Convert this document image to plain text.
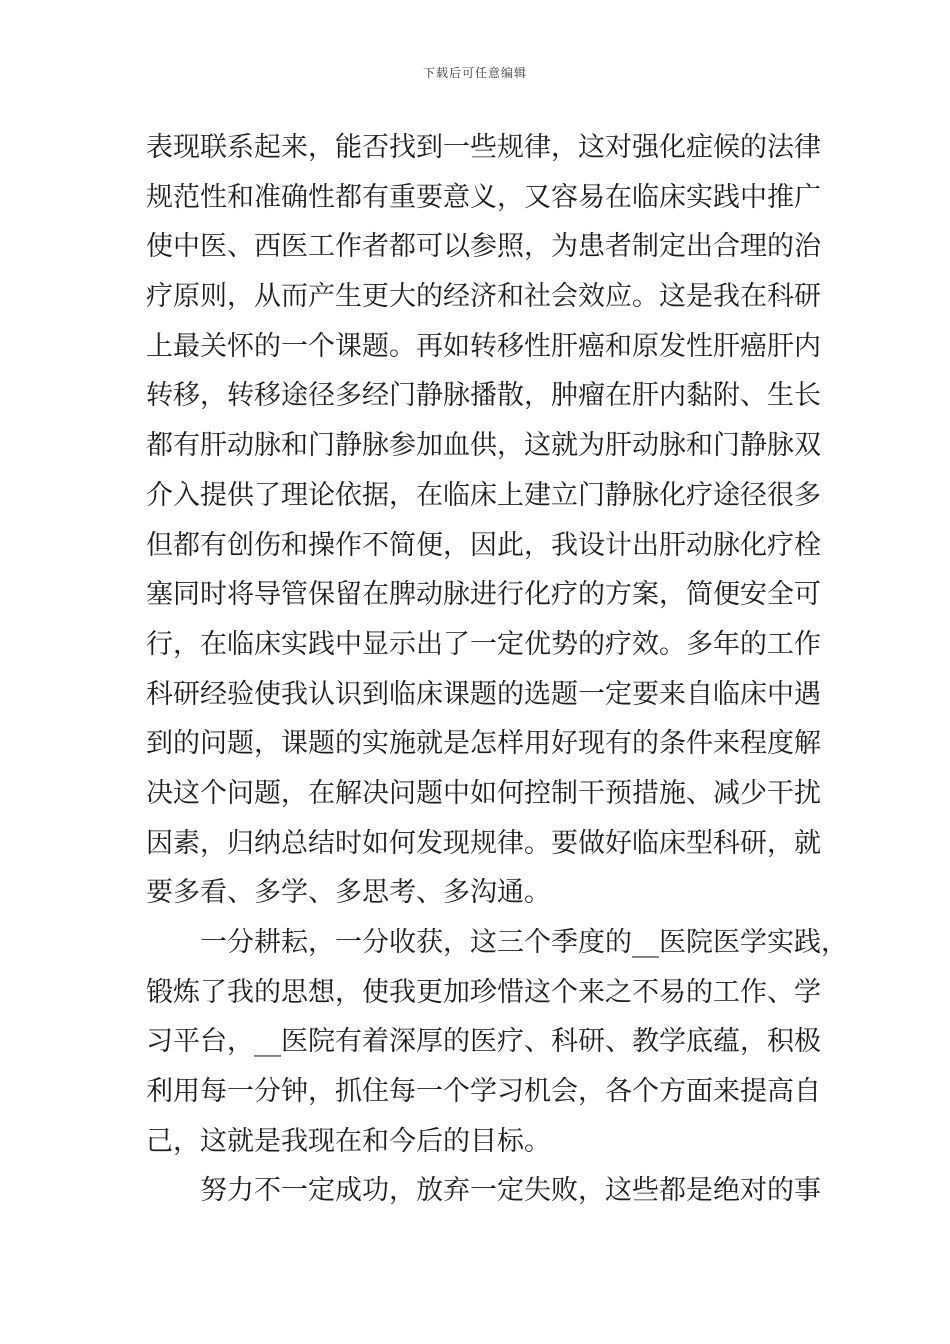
下载后可任意编辑
表现联系起来，能否找到一些规律，这对强化症候的法律
规范性和准确性都有重要意义，又容易在临床实践中推广
使中医、西医工作者都可以参照，为患者制定出合理的治
疗原则，从而产生更大的经济和社会效应。这是我在科研
上最关怀的一个课题。再如转移性肝癌和原发性肝癌肝内
转移，转移途径多经门静脉播散，肿瘤在肝内黏附、生长
都有肝动脉和门静脉参加血供，这就为肝动脉和门静脉双
介入提供了理论依据，在临床上建立门静脉化疗途径很多
但都有创伤和操作不简便，因此，我设计出肝动脉化疗栓
塞同时将导管保留在脾动脉进行化疗的方案，简便安全可
行，在临床实践中显示出了一定优势的疗效。多年的工作
科研经验使我认识到临床课题的选题一定要来自临床中遇
到的问题，课题的实施就是怎样用好现有的条件来程度解
决这个问题，在解决问题中如何控制干预措施、减少干扰
因素，归纳总结时如何发现规律。要做好临床型科研，就
要多看、多学、多思考、多沟通。
一分耕耘，一分收获，这三个季度的__医院医学实践，
锻炼了我的思想，使我更加珍惜这个来之不易的工作、学
习平台，__医院有着深厚的医疗、科研、教学底蕴，积极
利用每一分钟，抓住每一个学习机会，各个方面来提高自
己，这就是我现在和今后的目标。
努力不一定成功，放弃一定失败，这些都是绝对的事
